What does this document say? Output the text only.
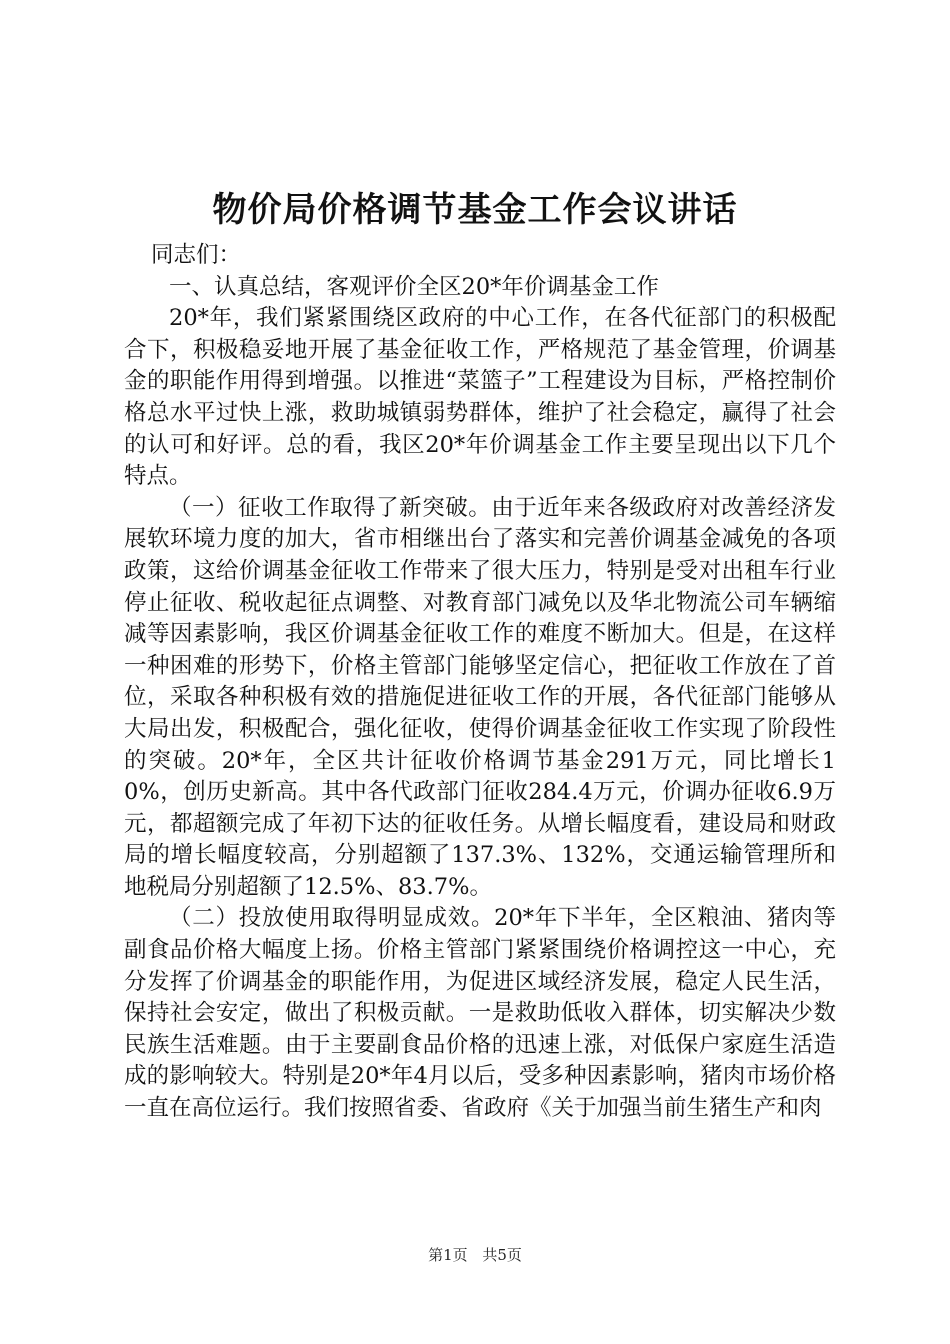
物价局价格调节基金工作会议讲话

同志们：

一、认真总结，客观评价全区20*年价调基金工作

20*年，我们紧紧围绕区政府的中心工作，在各代征部门的积极配合下，积极稳妥地开展了基金征收工作，严格规范了基金管理，价调基金的职能作用得到增强。以推进“菜篮子”工程建设为目标，严格控制价格总水平过快上涨，救助城镇弱势群体，维护了社会稳定，赢得了社会的认可和好评。总的看，我区20*年价调基金工作主要呈现出以下几个特点。

（一）征收工作取得了新突破。由于近年来各级政府对改善经济发展软环境力度的加大，省市相继出台了落实和完善价调基金减免的各项政策，这给价调基金征收工作带来了很大压力，特别是受对出租车行业停止征收、税收起征点调整、对教育部门减免以及华北物流公司车辆缩减等因素影响，我区价调基金征收工作的难度不断加大。但是，在这样一种困难的形势下，价格主管部门能够坚定信心，把征收工作放在了首位，采取各种积极有效的措施促进征收工作的开展，各代征部门能够从大局出发，积极配合，强化征收，使得价调基金征收工作实现了阶段性的突破。20*年，全区共计征收价格调节基金291万元，同比增长10%，创历史新高。其中各代政部门征收284.4万元，价调办征收6.9万元，都超额完成了年初下达的征收任务。从增长幅度看，建设局和财政局的增长幅度较高，分别超额了137.3%、132%，交通运输管理所和地税局分别超额了12.5%、83.7%。

（二）投放使用取得明显成效。20*年下半年，全区粮油、猪肉等副食品价格大幅度上扬。价格主管部门紧紧围绕价格调控这一中心，充分发挥了价调基金的职能作用，为促进区域经济发展，稳定人民生活，保持社会安定，做出了积极贡献。一是救助低收入群体，切实解决少数民族生活难题。由于主要副食品价格的迅速上涨，对低保户家庭生活造成的影响较大。特别是20*年4月以后，受多种因素影响，猪肉市场价格一直在高位运行。我们按照省委、省政府《关于加强当前生猪生产和肉

第1页 共5页
